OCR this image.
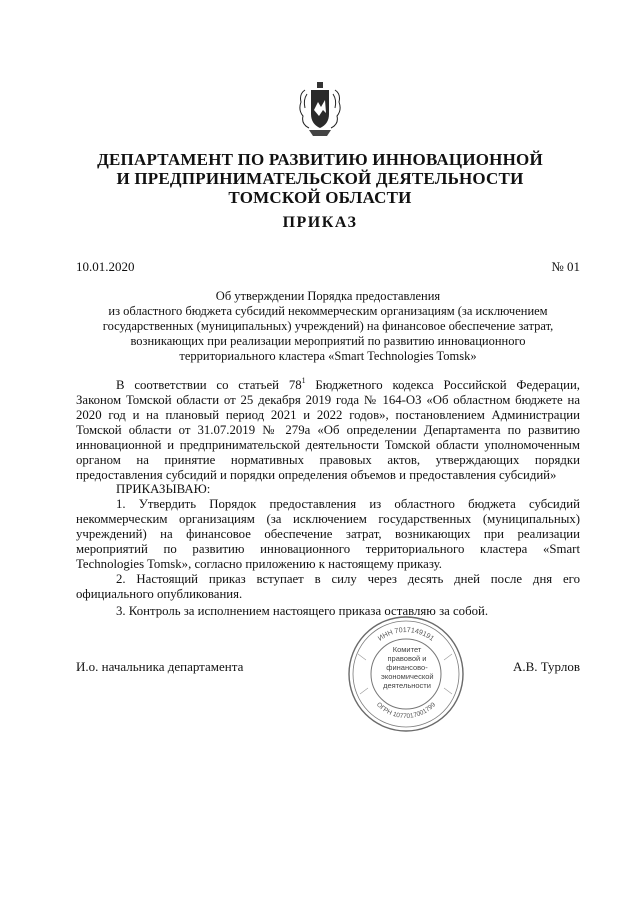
ДЕПАРТАМЕНТ ПО РАЗВИТИЮ ИННОВАЦИОННОЙ
И ПРЕДПРИНИМАТЕЛЬСКОЙ ДЕЯТЕЛЬНОСТИ
ТОМСКОЙ ОБЛАСТИ
ПРИКАЗ
10.01.2020	№ 01
Об утверждении Порядка предоставления
из областного бюджета субсидий некоммерческим организациям (за исключением
государственных (муниципальных) учреждений) на финансовое обеспечение затрат,
возникающих при реализации мероприятий по развитию инновационного
территориального кластера «Smart Technologies Tomsk»
В соответствии со статьей $78^1$ Бюджетного кодекса Российской Федерации,
Законом Томской области от 25 декабря 2019 года № 164-ОЗ «Об областном бюджете на
2020 год и на плановый период 2021 и 2022 годов», постановлением Администрации
Томской области от 31.07.2019 № 279а «Об определении Департамента по развитию
инновационной и предпринимательской деятельности Томской области уполномоченным
органом на принятие нормативных правовых актов, утверждающих порядки
предоставления субсидий и порядки определения объемов и предоставления субсидий»
ПРИКАЗЫВАЮ:
1. Утвердить Порядок предоставления из областного бюджета субсидий
некоммерческим организациям (за исключением государственных (муниципальных)
учреждений) на финансовое обеспечение затрат, возникающих при реализации
мероприятий по развитию инновационного территориального кластера «Smart
Technologies Tomsk», согласно приложению к настоящему приказу.
2. Настоящий приказ вступает в силу через десять дней после дня его
официального опубликования.
3. Контроль за исполнением настоящего приказа оставляю за собой.
И.о. начальника департамента	А.В. Турлов
ИНН 7017149191
ОГРН 1077017001799
Комитет
правовой и
финансово-
экономической
деятельности
